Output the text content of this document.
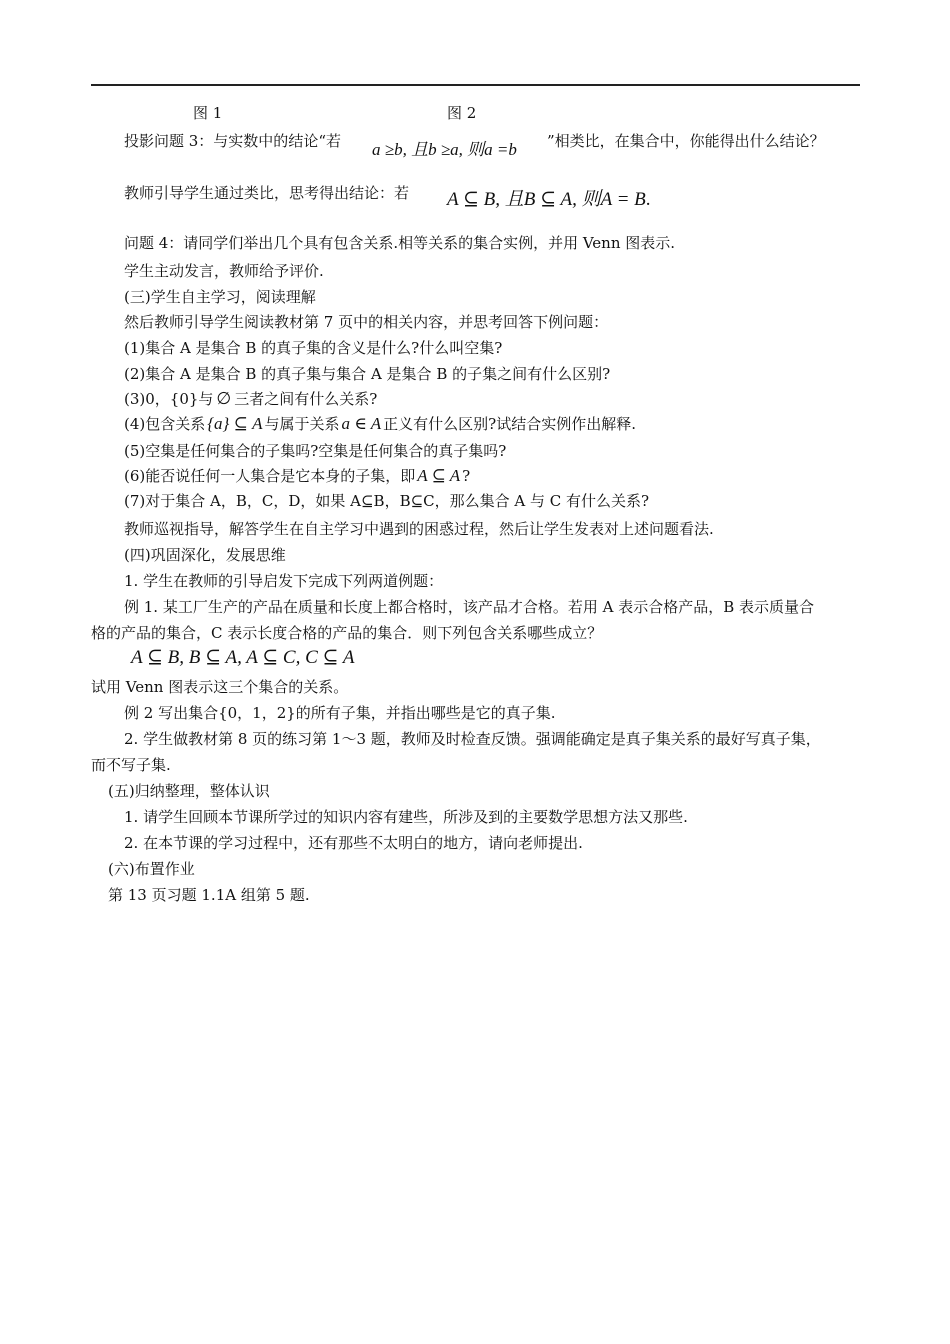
图 1	图 2
投影问题 3：与实数中的结论“若 a ≥b, 且b ≥a, 则a =b ”相类比，在集合中，你能得出什么结论？
教师引导学生通过类比，思考得出结论：若 A ⊆ B, 且B ⊆ A, 则A = B.
问题 4：请同学们举出几个具有包含关系.相等关系的集合实例，并用 Venn 图表示.
学生主动发言，教师给予评价.
(三)学生自主学习，阅读理解
然后教师引导学生阅读教材第 7 页中的相关内容，并思考回答下例问题：
(1)集合 A 是集合 B 的真子集的含义是什么?什么叫空集?
(2)集合 A 是集合 B 的真子集与集合 A 是集合 B 的子集之间有什么区别?
(3)0，{0}与 ∅ 三者之间有什么关系?
(4)包含关系 {a} ⊆ A 与属于关系 a ∈ A 正义有什么区别?试结合实例作出解释.
(5)空集是任何集合的子集吗?空集是任何集合的真子集吗?
(6)能否说任何一人集合是它本身的子集，即 A ⊆ A ?
(7)对于集合 A，B，C，D，如果 A⊆B，B⊆C，那么集合 A 与 C 有什么关系?
教师巡视指导，解答学生在自主学习中遇到的困惑过程，然后让学生发表对上述问题看法.
(四)巩固深化，发展思维
1. 学生在教师的引导启发下完成下列两道例题：
例 1. 某工厂生产的产品在质量和长度上都合格时，该产品才合格。若用 A 表示合格产品，B 表示质量合
格的产品的集合，C 表示长度合格的产品的集合．则下列包含关系哪些成立？
A ⊆ B, B ⊆ A, A ⊆ C, C ⊆ A
试用 Venn 图表示这三个集合的关系。
例 2 写出集合{0，1，2}的所有子集，并指出哪些是它的真子集.
2. 学生做教材第 8 页的练习第 1～3 题，教师及时检查反馈。强调能确定是真子集关系的最好写真子集，
而不写子集.
(五)归纳整理，整体认识
1. 请学生回顾本节课所学过的知识内容有建些，所涉及到的主要数学思想方法又那些.
2. 在本节课的学习过程中，还有那些不太明白的地方，请向老师提出.
(六)布置作业
第 13 页习题 1.1A 组第 5 题.
